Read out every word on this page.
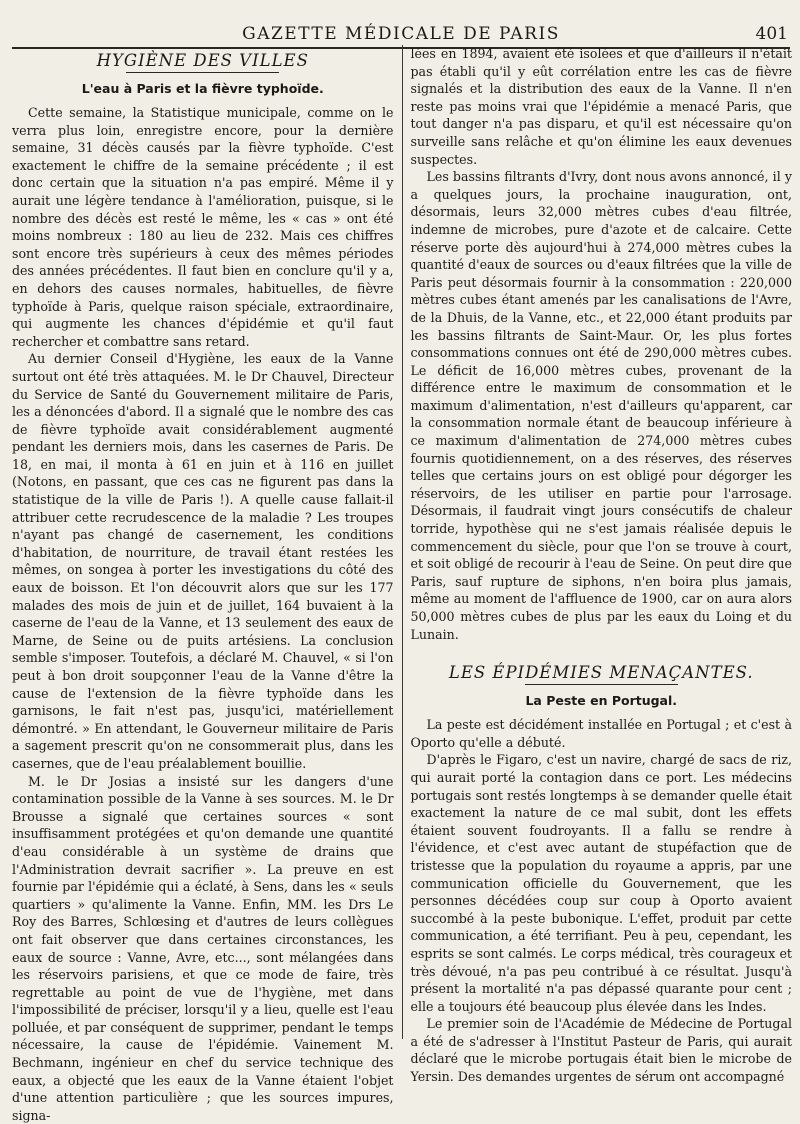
GAZETTE MÉDICALE DE PARIS	401
HYGIÈNE DES VILLES
L'eau à Paris et la fièvre typhoïde.

Cette semaine, la Statistique municipale, comme on le verra plus loin, enregistre encore, pour la dernière semaine, 31 décès causés par la fièvre typhoïde. C'est exactement le chiffre de la semaine précédente ; il est donc certain que la situation n'a pas empiré. Même il y aurait une légère tendance à l'amélioration, puisque, si le nombre des décès est resté le même, les « cas » ont été moins nombreux : 180 au lieu de 232. Mais ces chiffres sont encore très supérieurs à ceux des mêmes périodes des années précédentes. Il faut bien en conclure qu'il y a, en dehors des causes normales, habituelles, de fièvre typhoïde à Paris, quelque raison spéciale, extraordinaire, qui augmente les chances d'épidémie et qu'il faut rechercher et combattre sans retard.

Au dernier Conseil d'Hygiène, les eaux de la Vanne surtout ont été très attaquées. M. le Dr Chauvel, Directeur du Service de Santé du Gouvernement militaire de Paris, les a dénoncées d'abord. Il a signalé que le nombre des cas de fièvre typhoïde avait considérablement augmenté pendant les derniers mois, dans les casernes de Paris. De 18, en mai, il monta à 61 en juin et à 116 en juillet (Notons, en passant, que ces cas ne figurent pas dans la statistique de la ville de Paris !). A quelle cause fallait-il attribuer cette recrudescence de la maladie ? Les troupes n'ayant pas changé de casernement, les conditions d'habitation, de nourriture, de travail étant restées les mêmes, on songea à porter les investigations du côté des eaux de boisson. Et l'on découvrit alors que sur les 177 malades des mois de juin et de juillet, 164 buvaient à la caserne de l'eau de la Vanne, et 13 seulement des eaux de Marne, de Seine ou de puits artésiens. La conclusion semble s'imposer. Toutefois, a déclaré M. Chauvel, « si l'on peut à bon droit soupçonner l'eau de la Vanne d'être la cause de l'extension de la fièvre typhoïde dans les garnisons, le fait n'est pas, jusqu'ici, matériellement démontré. » En attendant, le Gouverneur militaire de Paris a sagement prescrit qu'on ne consommerait plus, dans les casernes, que de l'eau préalablement bouillie.

M. le Dr Josias a insisté sur les dangers d'une contamination possible de la Vanne à ses sources. M. le Dr Brousse a signalé que certaines sources « sont insuffisamment protégées et qu'on demande une quantité d'eau considérable à un système de drains que l'Administration devrait sacrifier ». La preuve en est fournie par l'épidémie qui a éclaté, à Sens, dans les « seuls quartiers » qu'alimente la Vanne. Enfin, MM. les Drs Le Roy des Barres, Schlœsing et d'autres de leurs collègues ont fait observer que dans certaines circonstances, les eaux de source : Vanne, Avre, etc..., sont mélangées dans les réservoirs parisiens, et que ce mode de faire, très regrettable au point de vue de l'hygiène, met dans l'impossibilité de préciser, lorsqu'il y a lieu, quelle est l'eau polluée, et par conséquent de supprimer, pendant le temps nécessaire, la cause de l'épidémie. Vainement M. Bechmann, ingénieur en chef du service technique des eaux, a objecté que les eaux de la Vanne étaient l'objet d'une attention particulière ; que les sources impures, signa-

lées en 1894, avaient été isolées et que d'ailleurs il n'était pas établi qu'il y eût corrélation entre les cas de fièvre signalés et la distribution des eaux de la Vanne. Il n'en reste pas moins vrai que l'épidémie a menacé Paris, que tout danger n'a pas disparu, et qu'il est nécessaire qu'on surveille sans relâche et qu'on élimine les eaux devenues suspectes.

Les bassins filtrants d'Ivry, dont nous avons annoncé, il y a quelques jours, la prochaine inauguration, ont, désormais, leurs 32,000 mètres cubes d'eau filtrée, indemne de microbes, pure d'azote et de calcaire. Cette réserve porte dès aujourd'hui à 274,000 mètres cubes la quantité d'eaux de sources ou d'eaux filtrées que la ville de Paris peut désormais fournir à la consommation : 220,000 mètres cubes étant amenés par les canalisations de l'Avre, de la Dhuis, de la Vanne, etc., et 22,000 étant produits par les bassins filtrants de Saint-Maur. Or, les plus fortes consommations connues ont été de 290,000 mètres cubes. Le déficit de 16,000 mètres cubes, provenant de la différence entre le maximum de consommation et le maximum d'alimentation, n'est d'ailleurs qu'apparent, car la consommation normale étant de beaucoup inférieure à ce maximum d'alimentation de 274,000 mètres cubes fournis quotidiennement, on a des réserves, des réserves telles que certains jours on est obligé pour dégorger les réservoirs, de les utiliser en partie pour l'arrosage. Désormais, il faudrait vingt jours consécutifs de chaleur torride, hypothèse qui ne s'est jamais réalisée depuis le commencement du siècle, pour que l'on se trouve à court, et soit obligé de recourir à l'eau de Seine. On peut dire que Paris, sauf rupture de siphons, n'en boira plus jamais, même au moment de l'affluence de 1900, car on aura alors 50,000 mètres cubes de plus par les eaux du Loing et du Lunain.

LES ÉPIDÉMIES MENAÇANTES.
La Peste en Portugal.

La peste est décidément installée en Portugal ; et c'est à Oporto qu'elle a débuté.

D'après le Figaro, c'est un navire, chargé de sacs de riz, qui aurait porté la contagion dans ce port. Les médecins portugais sont restés longtemps à se demander quelle était exactement la nature de ce mal subit, dont les effets étaient souvent foudroyants. Il a fallu se rendre à l'évidence, et c'est avec autant de stupéfaction que de tristesse que la population du royaume a appris, par une communication officielle du Gouvernement, que les personnes décédées coup sur coup à Oporto avaient succombé à la peste bubonique. L'effet, produit par cette communication, a été terrifiant. Peu à peu, cependant, les esprits se sont calmés. Le corps médical, très courageux et très dévoué, n'a pas peu contribué à ce résultat. Jusqu'à présent la mortalité n'a pas dépassé quarante pour cent ; elle a toujours été beaucoup plus élevée dans les Indes.

Le premier soin de l'Académie de Médecine de Portugal a été de s'adresser à l'Institut Pasteur de Paris, qui aurait déclaré que le microbe portugais était bien le microbe de Yersin. Des demandes urgentes de sérum ont accompagné
